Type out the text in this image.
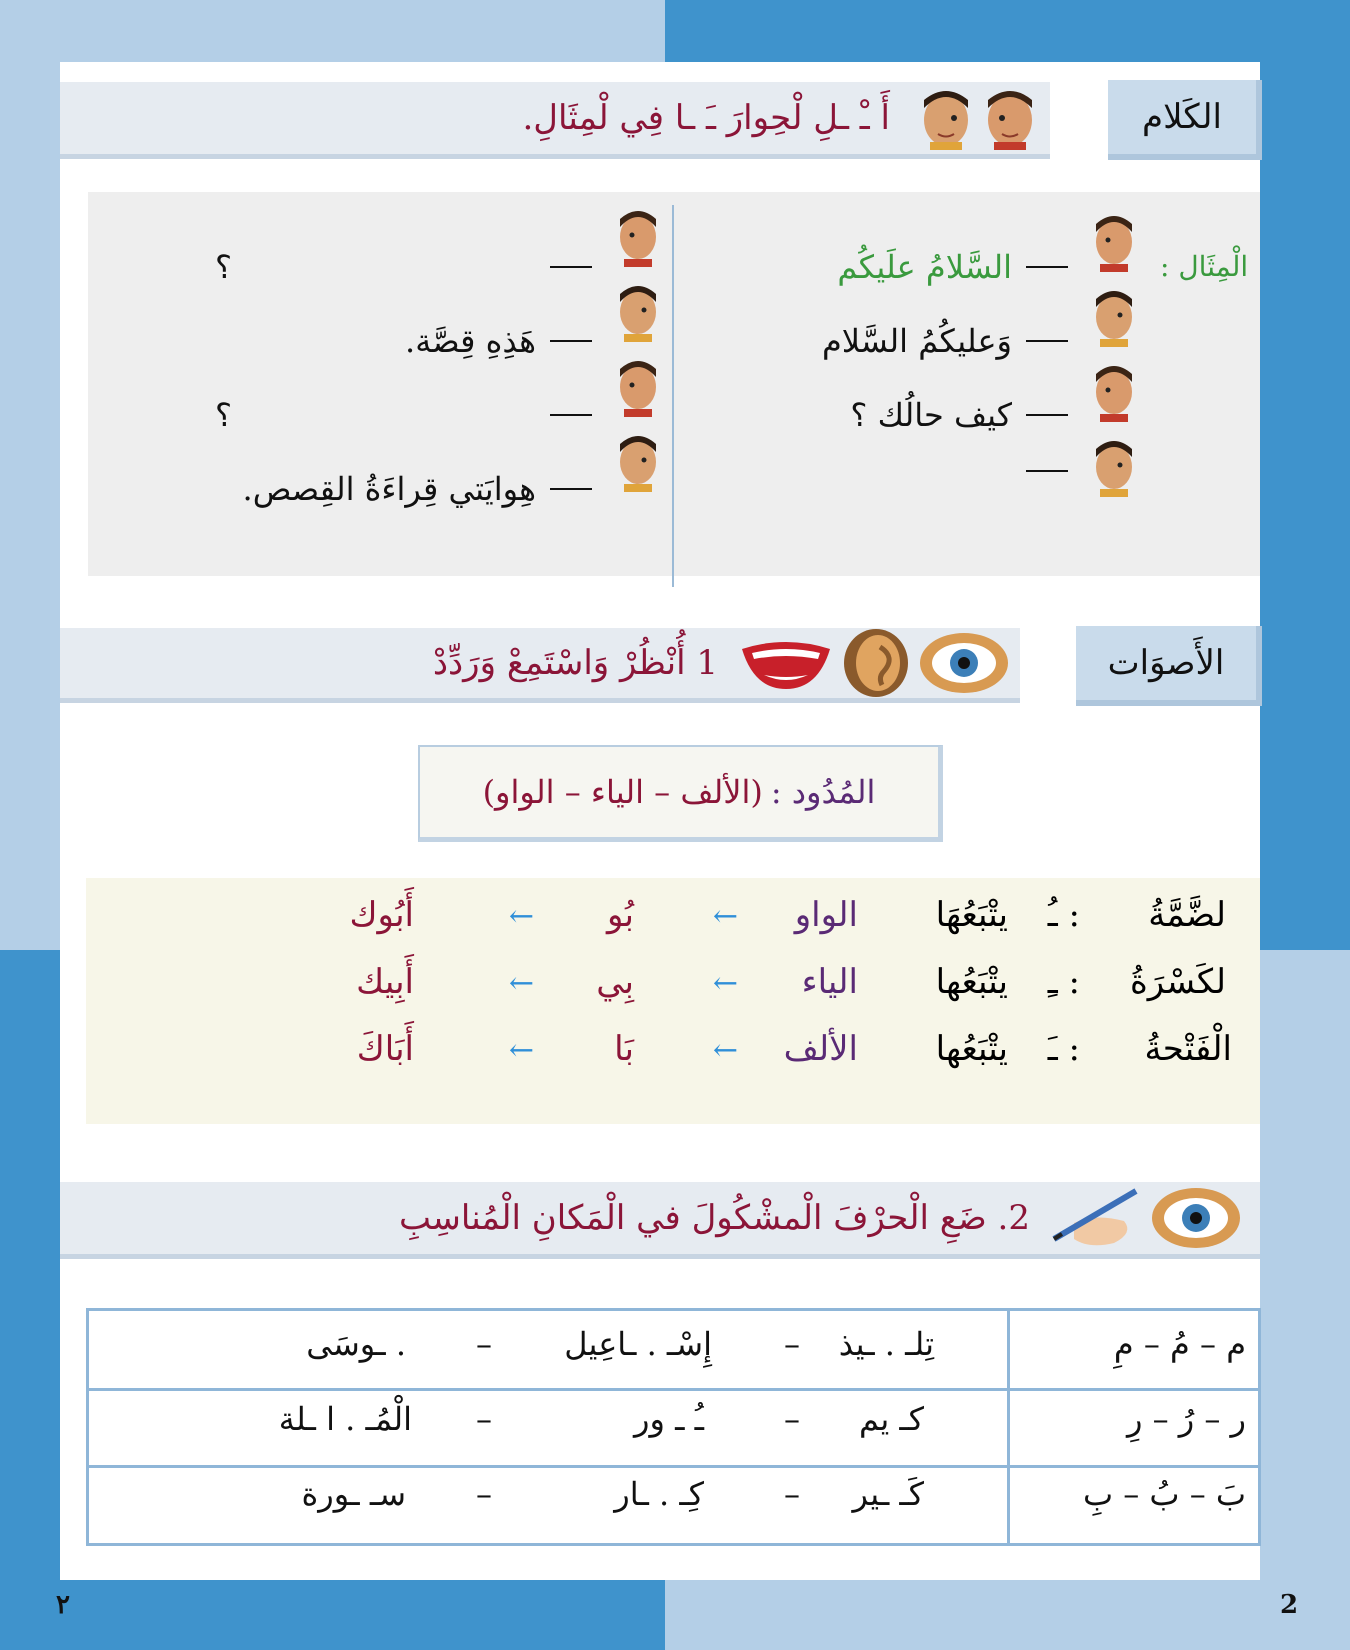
الكَلام
أَ ـْ ـلِ لْحِوارَ ـَ ـا فِي لْمِثَالِ.
الْمِثَال :
السَّلامُ علَيكُم
وَعليكُمُ السَّلام
كيف حالُك ؟
؟
هَذِهِ قِصَّة.
؟
هِوايَتي قِراءَةُ القِصص.
الأَصوَات
1 أُنْظُرْ وَاسْتَمِعْ وَرَدِّدْ
المُدُود :
(الألف – الياء – الواو)
لضَّمَّةُ
: ـُ
يتْبَعُهَا
الواو
←
بُو
←
أَبُوك
لكَسْرَةُ
: ـِ
يتْبَعُها
الياء
←
بِي
←
أَبِيك
الْفَتْحةُ
: ـَ
يتْبَعُها
الألف
←
بَا
←
أَبَاكَ
2. ضَعِ الْحرْفَ الْمشْكُولَ في الْمَكانِ الْمُناسِبِ
م – مُ – مِ
تِلـ . ـيذ
–
إِسْـ . ـاعِيل
–
. ـوسَى
ر – رُ – رِ
كـ يم
–
ـُ ـ ور
–
الْمُـ . ا ـلة
بَ – بُ – بِ
كَـ ـير
–
كِـ . ـار
–
سـ ـورة
2
٢
